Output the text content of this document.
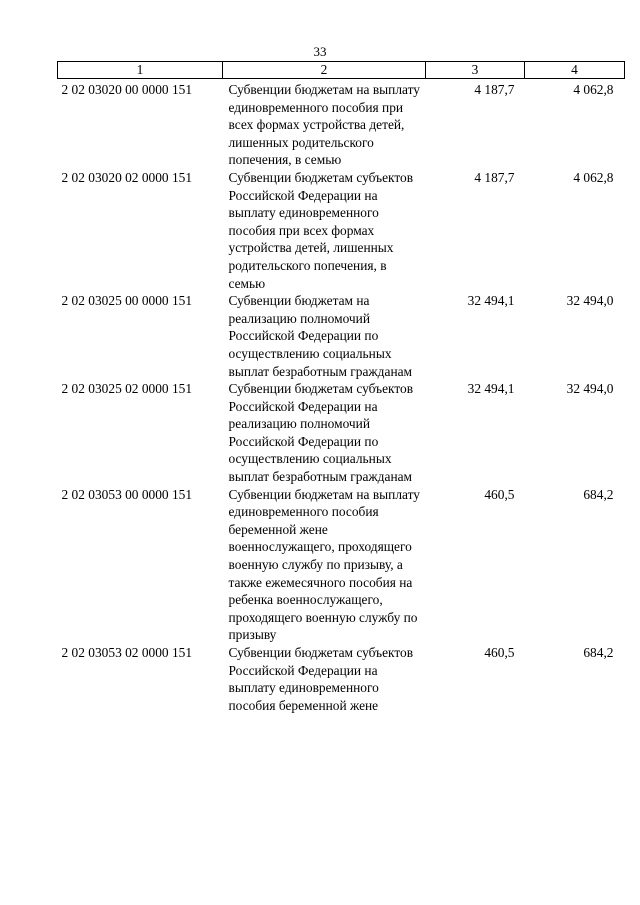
33
1	2	3	4
2 02 03020 00 0000 151	Субвенции бюджетам на выплату единовременного пособия при всех формах устройства детей, лишенных родительского попечения, в семью	4 187,7	4 062,8
2 02 03020 02 0000 151	Субвенции бюджетам субъектов Российской Федерации на выплату единовременного пособия при всех формах устройства детей, лишенных родительского попечения, в семью	4 187,7	4 062,8
2 02 03025 00 0000 151	Субвенции бюджетам на реализацию полномочий Российской Федерации по осуществлению социальных выплат безработным гражданам	32 494,1	32 494,0
2 02 03025 02 0000 151	Субвенции бюджетам субъектов Российской Федерации на реализацию полномочий Российской Федерации по осуществлению социальных выплат безработным гражданам	32 494,1	32 494,0
2 02 03053 00 0000 151	Субвенции бюджетам на выплату единовременного пособия беременной жене военнослужащего, проходящего военную службу по призыву, а также ежемесячного пособия на ребенка военнослужащего, проходящего военную службу по призыву	460,5	684,2
2 02 03053 02 0000 151	Субвенции бюджетам субъектов Российской Федерации на выплату единовременного пособия беременной жене	460,5	684,2
